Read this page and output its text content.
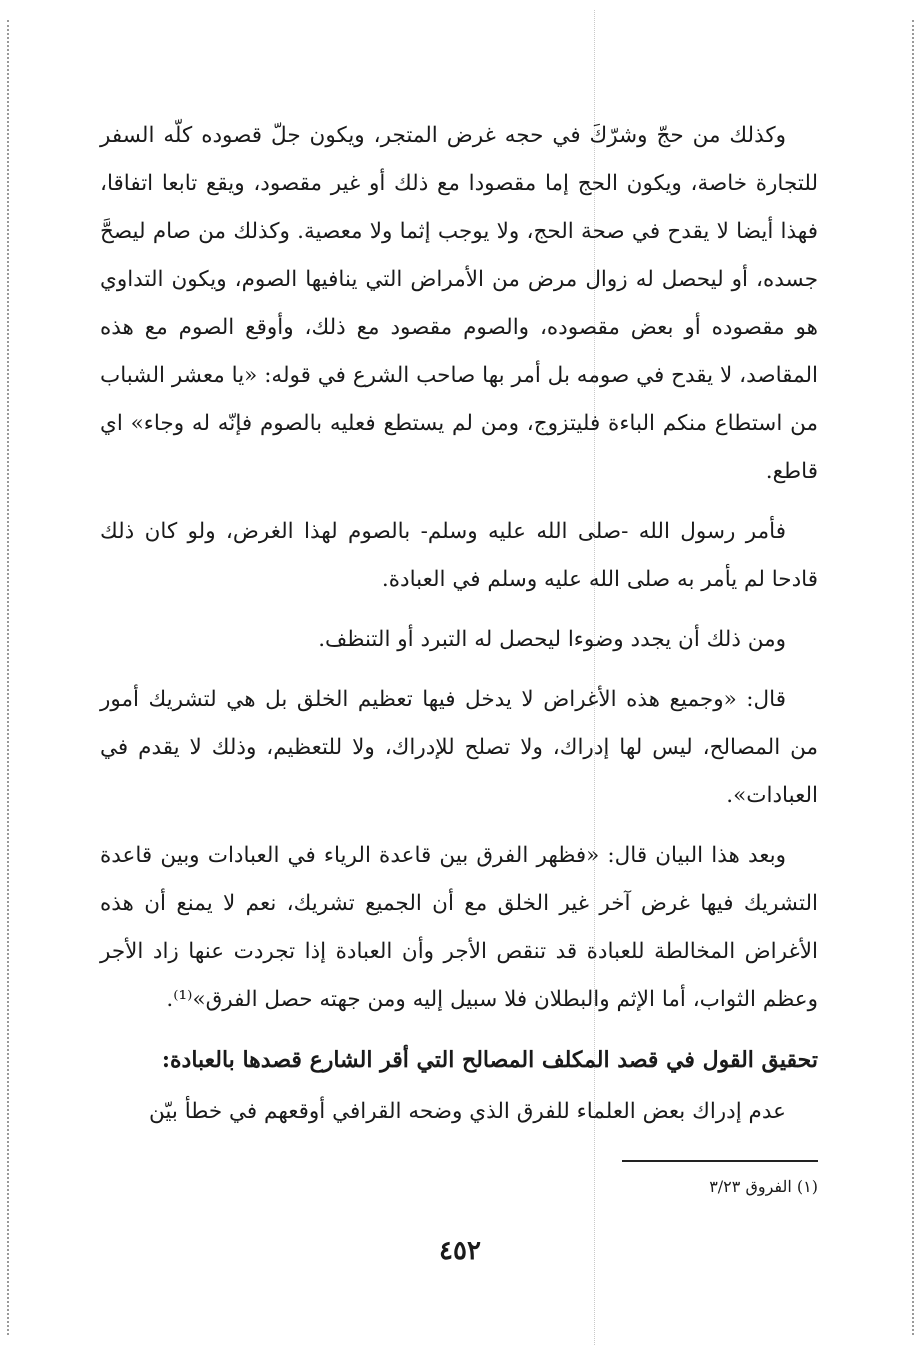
وكذلك من حجّ وشرّكَ في حجه غرض المتجر، ويكون جلّ قصوده كلّه السفر للتجارة خاصة، ويكون الحج إما مقصودا مع ذلك أو غير مقصود، ويقع تابعا اتفاقا، فهذا أيضا لا يقدح في صحة الحج، ولا يوجب إثما ولا معصية. وكذلك من صام ليصحَّ جسده، أو ليحصل له زوال مرض من الأمراض التي ينافيها الصوم، ويكون التداوي هو مقصوده أو بعض مقصوده، والصوم مقصود مع ذلك، وأوقع الصوم مع هذه المقاصد، لا يقدح في صومه بل أمر بها صاحب الشرع في قوله: «يا معشر الشباب من استطاع منكم الباءة فليتزوج، ومن لم يستطع فعليه بالصوم فإنّه له وجاء» اي قاطع.

فأمر رسول الله -صلى الله عليه وسلم- بالصوم لهذا الغرض، ولو كان ذلك قادحا لم يأمر به صلى الله عليه وسلم في العبادة.

ومن ذلك أن يجدد وضوءا ليحصل له التبرد أو التنظف.

قال: «وجميع هذه الأغراض لا يدخل فيها تعظيم الخلق بل هي لتشريك أمور من المصالح، ليس لها إدراك، ولا تصلح للإدراك، ولا للتعظيم، وذلك لا يقدم في العبادات».

وبعد هذا البيان قال: «فظهر الفرق بين قاعدة الرياء في العبادات وبين قاعدة التشريك فيها غرض آخر غير الخلق مع أن الجميع تشريك، نعم لا يمنع أن هذه الأغراض المخالطة للعبادة قد تنقص الأجر وأن العبادة إذا تجردت عنها زاد الأجر وعظم الثواب، أما الإثم والبطلان فلا سبيل إليه ومن جهته حصل الفرق»⁽¹⁾.

تحقيق القول في قصد المكلف المصالح التي أقر الشارع قصدها بالعبادة:

عدم إدراك بعض العلماء للفرق الذي وضحه القرافي أوقعهم في خطأ بيّن

(١) الفروق ٣/٢٣
٤٥٢
